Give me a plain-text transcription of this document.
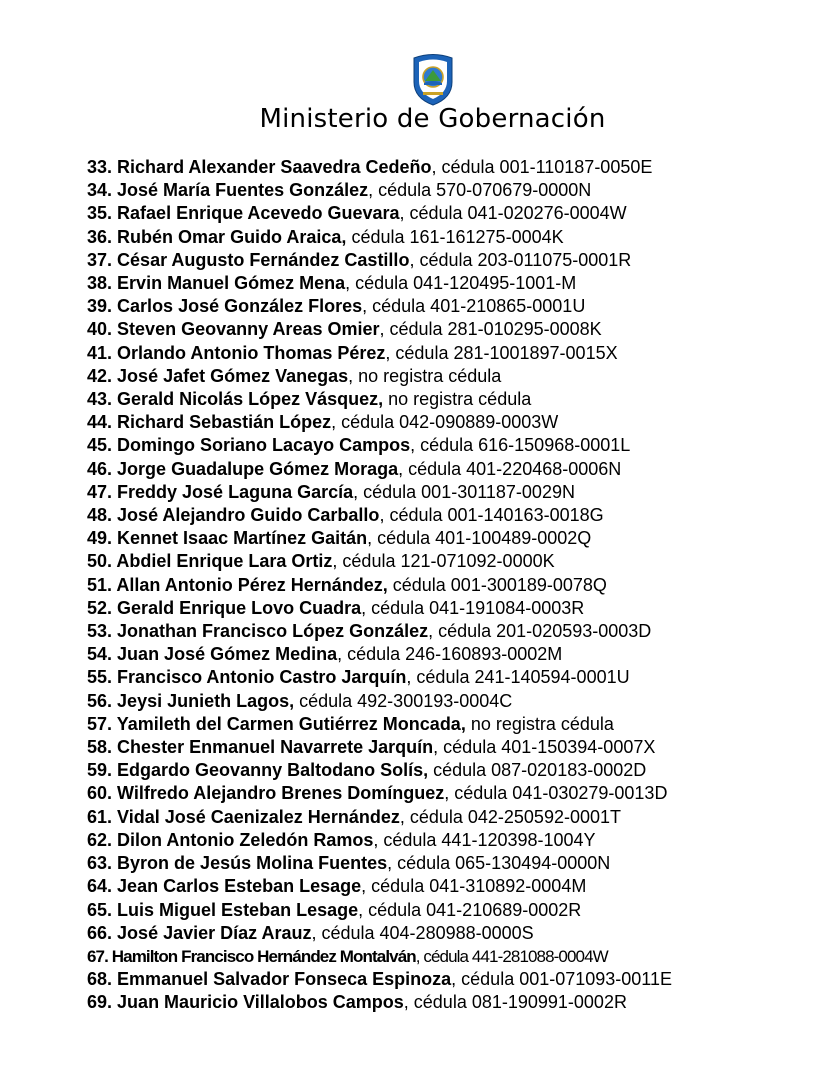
Ministerio de Gobernación
33. Richard Alexander Saavedra Cedeño, cédula 001-110187-0050E
34. José María Fuentes González, cédula 570-070679-0000N
35. Rafael Enrique Acevedo Guevara, cédula 041-020276-0004W
36. Rubén Omar Guido Araica, cédula 161-161275-0004K
37. César Augusto Fernández Castillo, cédula 203-011075-0001R
38. Ervin Manuel Gómez Mena, cédula 041-120495-1001-M
39. Carlos José González Flores, cédula 401-210865-0001U
40. Steven Geovanny Areas Omier, cédula 281-010295-0008K
41. Orlando Antonio Thomas Pérez, cédula 281-1001897-0015X
42. José Jafet Gómez Vanegas, no registra cédula
43. Gerald Nicolás López Vásquez, no registra cédula
44. Richard Sebastián López, cédula 042-090889-0003W
45. Domingo Soriano Lacayo Campos, cédula 616-150968-0001L
46. Jorge Guadalupe Gómez Moraga, cédula 401-220468-0006N
47. Freddy José Laguna García, cédula 001-301187-0029N
48. José Alejandro Guido Carballo, cédula 001-140163-0018G
49. Kennet Isaac Martínez Gaitán, cédula 401-100489-0002Q
50. Abdiel Enrique Lara Ortiz, cédula 121-071092-0000K
51. Allan Antonio Pérez Hernández, cédula 001-300189-0078Q
52. Gerald Enrique Lovo Cuadra, cédula 041-191084-0003R
53. Jonathan Francisco López González, cédula 201-020593-0003D
54. Juan José Gómez Medina, cédula 246-160893-0002M
55. Francisco Antonio Castro Jarquín, cédula 241-140594-0001U
56. Jeysi Junieth Lagos, cédula 492-300193-0004C
57. Yamileth del Carmen Gutiérrez Moncada, no registra cédula
58. Chester Enmanuel Navarrete Jarquín, cédula 401-150394-0007X
59. Edgardo Geovanny Baltodano Solís, cédula 087-020183-0002D
60. Wilfredo Alejandro Brenes Domínguez, cédula 041-030279-0013D
61. Vidal José Caenizalez Hernández, cédula 042-250592-0001T
62. Dilon Antonio Zeledón Ramos, cédula 441-120398-1004Y
63. Byron de Jesús Molina Fuentes, cédula 065-130494-0000N
64. Jean Carlos Esteban Lesage, cédula 041-310892-0004M
65. Luis Miguel Esteban Lesage, cédula 041-210689-0002R
66. José Javier Díaz Arauz, cédula 404-280988-0000S
67. Hamilton Francisco Hernández Montalván, cédula 441-281088-0004W
68. Emmanuel Salvador Fonseca Espinoza, cédula 001-071093-0011E
69. Juan Mauricio Villalobos Campos, cédula 081-190991-0002R
